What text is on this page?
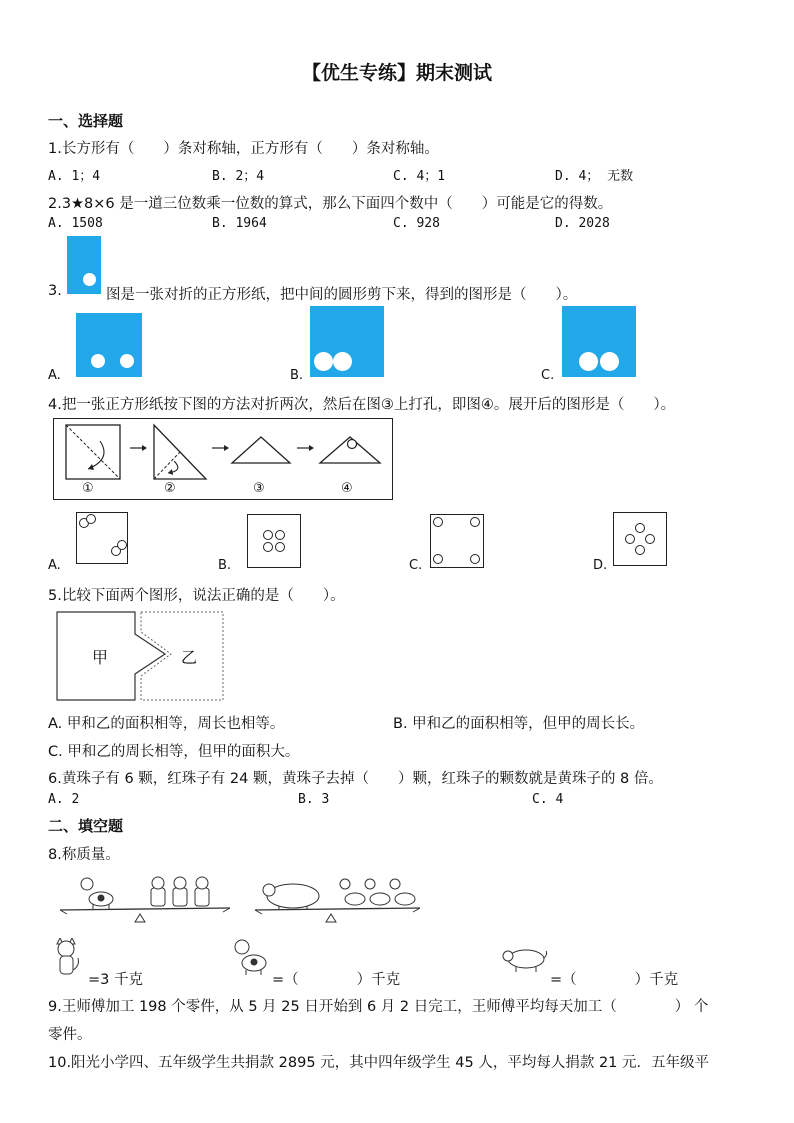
【优生专练】期末测试
一、选择题
1.长方形有（　　）条对称轴，正方形有（　　）条对称轴。
A. 1；4	B. 2；4	C. 4；1	D. 4； 无数
2.3★8×6 是一道三位数乘一位数的算式，那么下面四个数中（　　）可能是它的得数。
A. 1508	B. 1964	C. 928	D. 2028
3.	图是一张对折的正方形纸，把中间的圆形剪下来，得到的图形是（　　）。
A.	B.	C.
4.把一张正方形纸按下图的方法对折两次，然后在图③上打孔，即图④。展开后的图形是（　　）。
①	②	③	④
A.	B.	C.	D.
5.比较下面两个图形，说法正确的是（　　）。
甲	乙
A. 甲和乙的面积相等，周长也相等。	B. 甲和乙的面积相等，但甲的周长长。
C. 甲和乙的周长相等，但甲的面积大。
6.黄珠子有 6 颗，红珠子有 24 颗，黄珠子去掉（　　）颗，红珠子的颗数就是黄珠子的 8 倍。
A. 2	B. 3	C. 4
二、填空题
8.称质量。
=3 千克	=（　　　　）千克	=（　　　　）千克
9.王师傅加工 198 个零件，从 5 月 25 日开始到 6 月 2 日完工，王师傅平均每天加工（　　　　） 个
零件。
10.阳光小学四、五年级学生共捐款 2895 元，其中四年级学生 45 人，平均每人捐款 21 元．五年级平
